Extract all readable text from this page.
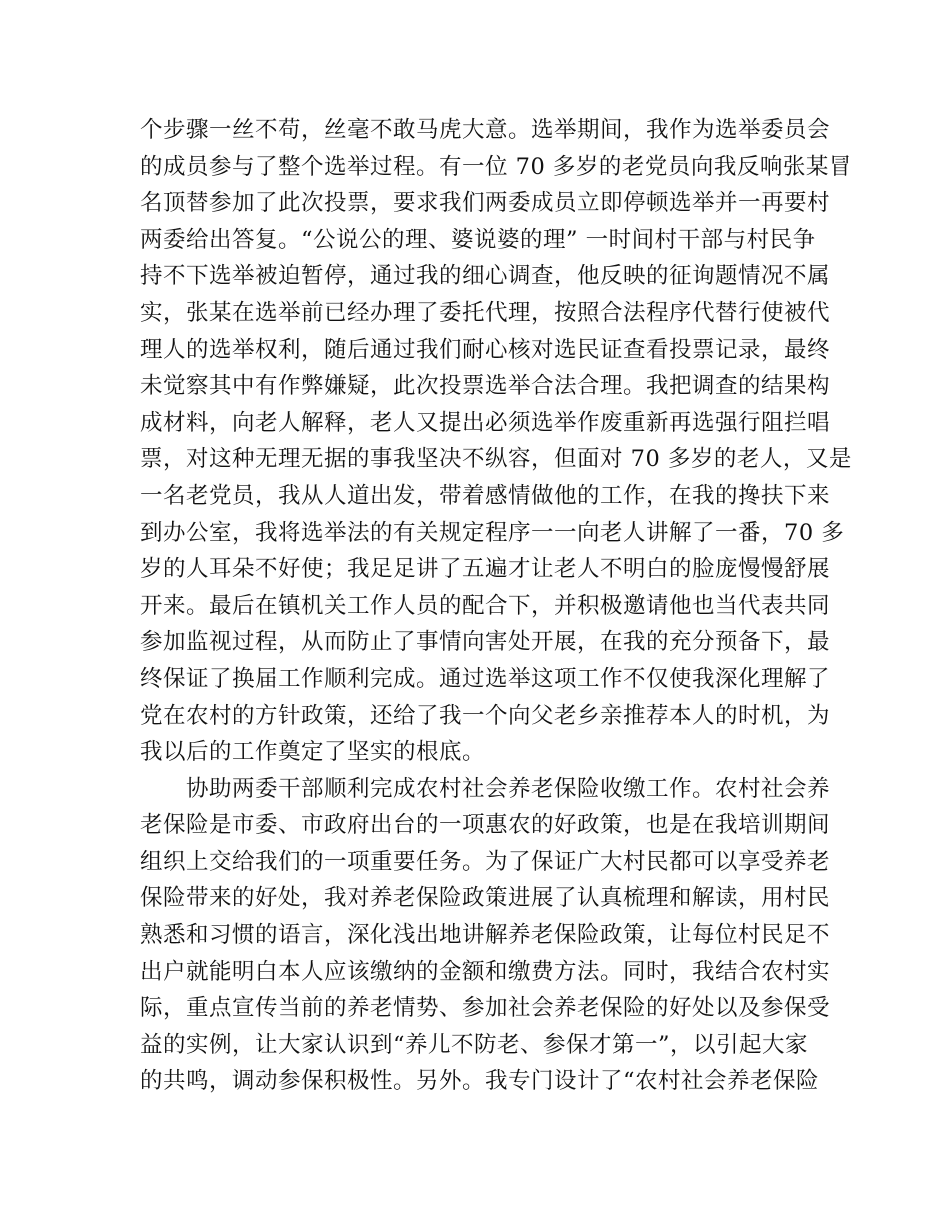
个步骤一丝不苟，丝毫不敢马虎大意。选举期间，我作为选举委员会
的成员参与了整个选举过程。有一位 70 多岁的老党员向我反响张某冒
名顶替参加了此次投票，要求我们两委成员立即停顿选举并一再要村
两委给出答复。“公说公的理、婆说婆的理” 一时间村干部与村民争
持不下选举被迫暂停，通过我的细心调查，他反映的征询题情况不属
实，张某在选举前已经办理了委托代理，按照合法程序代替行使被代
理人的选举权利，随后通过我们耐心核对选民证查看投票记录，最终
未觉察其中有作弊嫌疑，此次投票选举合法合理。我把调查的结果构
成材料，向老人解释，老人又提出必须选举作废重新再选强行阻拦唱
票，对这种无理无据的事我坚决不纵容，但面对 70 多岁的老人，又是
一名老党员，我从人道出发，带着感情做他的工作，在我的搀扶下来
到办公室，我将选举法的有关规定程序一一向老人讲解了一番，70 多
岁的人耳朵不好使；我足足讲了五遍才让老人不明白的脸庞慢慢舒展
开来。最后在镇机关工作人员的配合下，并积极邀请他也当代表共同
参加监视过程，从而防止了事情向害处开展，在我的充分预备下，最
终保证了换届工作顺利完成。通过选举这项工作不仅使我深化理解了
党在农村的方针政策，还给了我一个向父老乡亲推荐本人的时机，为
我以后的工作奠定了坚实的根底。
协助两委干部顺利完成农村社会养老保险收缴工作。农村社会养
老保险是市委、市政府出台的一项惠农的好政策，也是在我培训期间
组织上交给我们的一项重要任务。为了保证广大村民都可以享受养老
保险带来的好处，我对养老保险政策进展了认真梳理和解读，用村民
熟悉和习惯的语言，深化浅出地讲解养老保险政策，让每位村民足不
出户就能明白本人应该缴纳的金额和缴费方法。同时，我结合农村实
际，重点宣传当前的养老情势、参加社会养老保险的好处以及参保受
益的实例，让大家认识到“养儿不防老、参保才第一”，以引起大家
的共鸣，调动参保积极性。另外。我专门设计了“农村社会养老保险
